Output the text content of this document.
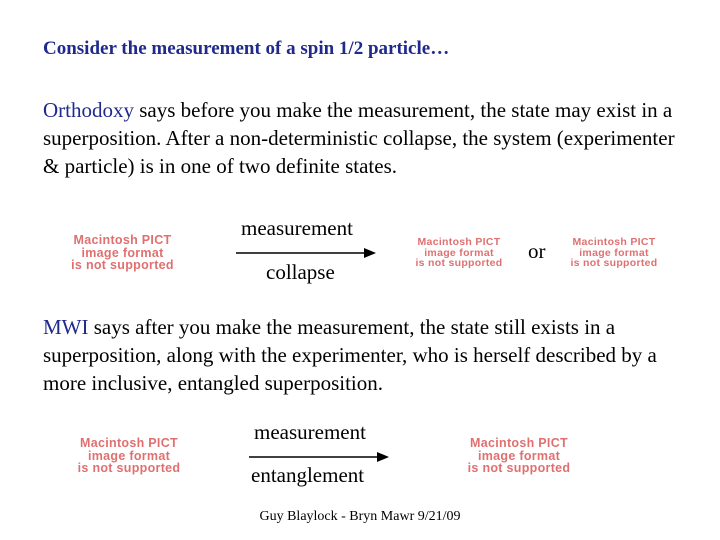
Consider the measurement of a spin 1/2 particle…
Orthodoxy says before you make the measurement, the state may exist in a superposition. After a non-deterministic collapse, the system (experimenter & particle) is in one of two definite states.
Macintosh PICT
image format
is not supported
measurement
collapse
Macintosh PICT
image format
is not supported
or	Macintosh PICT
image format
is not supported
MWI says after you make the measurement, the state still exists in a superposition, along with the experimenter, who is herself described by a more inclusive, entangled superposition.
Macintosh PICT
image format
is not supported
measurement
entanglement
Macintosh PICT
image format
is not supported
Guy Blaylock - Bryn Mawr 9/21/09
